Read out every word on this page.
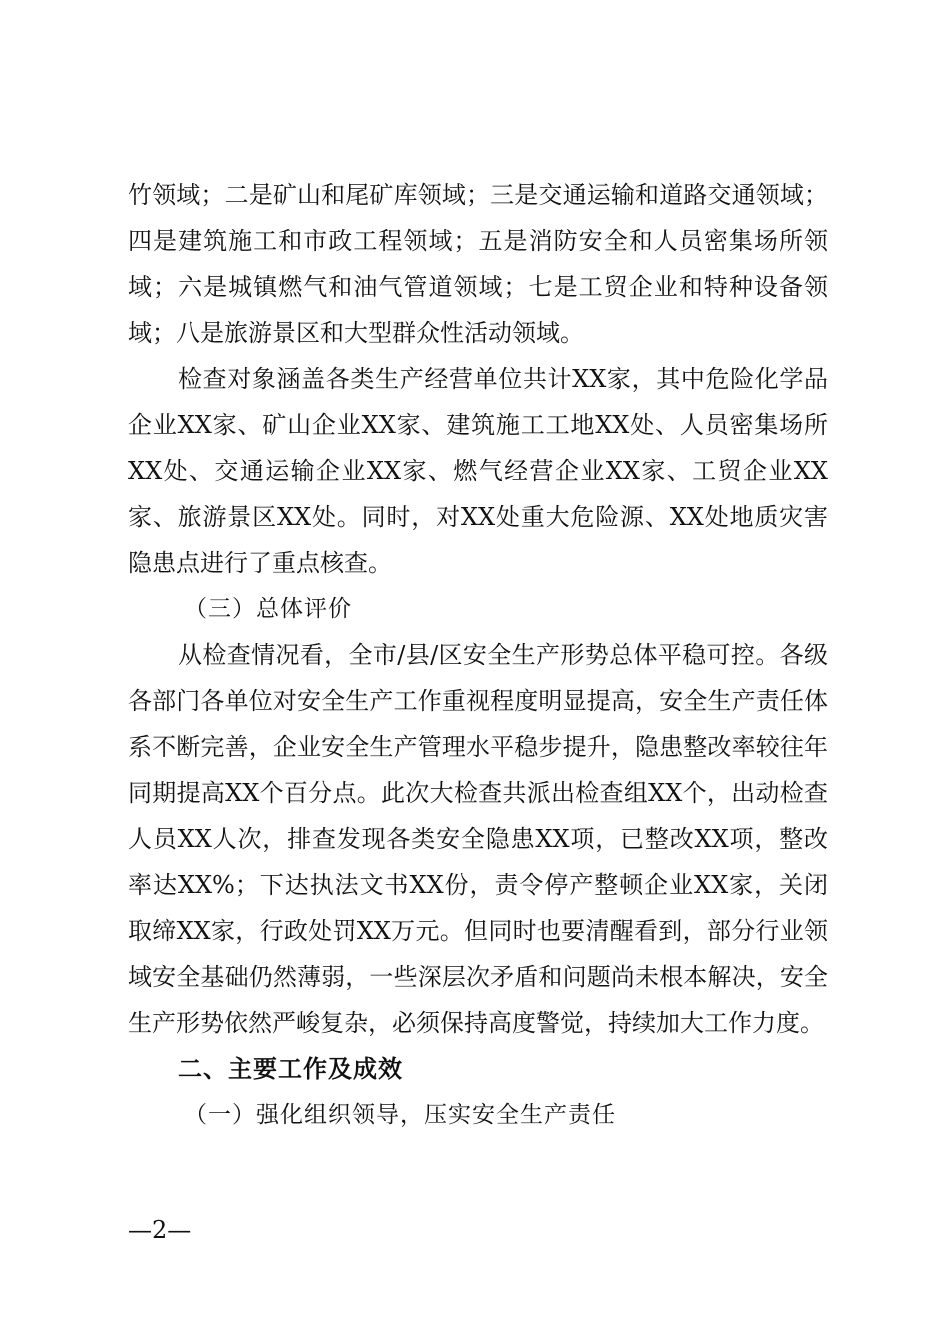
竹领域；二是矿山和尾矿库领域；三是交通运输和道路交通领域；四是建筑施工和市政工程领域；五是消防安全和人员密集场所领域；六是城镇燃气和油气管道领域；七是工贸企业和特种设备领域；八是旅游景区和大型群众性活动领域。

检查对象涵盖各类生产经营单位共计XX家，其中危险化学品企业XX家、矿山企业XX家、建筑施工工地XX处、人员密集场所XX处、交通运输企业XX家、燃气经营企业XX家、工贸企业XX家、旅游景区XX处。同时，对XX处重大危险源、XX处地质灾害隐患点进行了重点核查。

（三）总体评价

从检查情况看，全市/县/区安全生产形势总体平稳可控。各级各部门各单位对安全生产工作重视程度明显提高，安全生产责任体系不断完善，企业安全生产管理水平稳步提升，隐患整改率较往年同期提高XX个百分点。此次大检查共派出检查组XX个，出动检查人员XX人次，排查发现各类安全隐患XX项，已整改XX项，整改率达XX%；下达执法文书XX份，责令停产整顿企业XX家，关闭取缔XX家，行政处罚XX万元。但同时也要清醒看到，部分行业领域安全基础仍然薄弱，一些深层次矛盾和问题尚未根本解决，安全生产形势依然严峻复杂，必须保持高度警觉，持续加大工作力度。

二、主要工作及成效

（一）强化组织领导，压实安全生产责任

—2—
